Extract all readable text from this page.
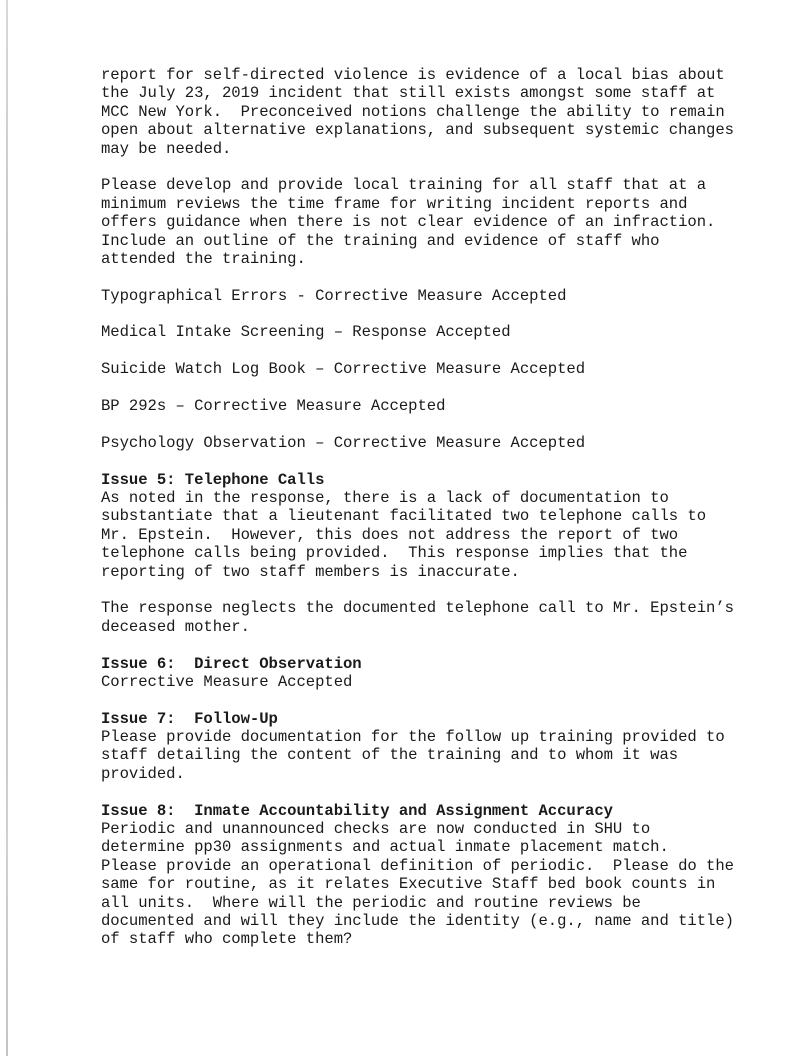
report for self-directed violence is evidence of a local bias about
the July 23, 2019 incident that still exists amongst some staff at
MCC New York.  Preconceived notions challenge the ability to remain
open about alternative explanations, and subsequent systemic changes
may be needed.
Please develop and provide local training for all staff that at a
minimum reviews the time frame for writing incident reports and
offers guidance when there is not clear evidence of an infraction.
Include an outline of the training and evidence of staff who
attended the training.
Typographical Errors - Corrective Measure Accepted
Medical Intake Screening – Response Accepted
Suicide Watch Log Book – Corrective Measure Accepted
BP 292s – Corrective Measure Accepted
Psychology Observation – Corrective Measure Accepted
Issue 5: Telephone Calls
As noted in the response, there is a lack of documentation to
substantiate that a lieutenant facilitated two telephone calls to
Mr. Epstein.  However, this does not address the report of two
telephone calls being provided.  This response implies that the
reporting of two staff members is inaccurate.
The response neglects the documented telephone call to Mr. Epstein’s
deceased mother.
Issue 6:  Direct Observation
Corrective Measure Accepted
Issue 7:  Follow-Up
Please provide documentation for the follow up training provided to
staff detailing the content of the training and to whom it was
provided.
Issue 8:  Inmate Accountability and Assignment Accuracy
Periodic and unannounced checks are now conducted in SHU to
determine pp30 assignments and actual inmate placement match.
Please provide an operational definition of periodic.  Please do the
same for routine, as it relates Executive Staff bed book counts in
all units.  Where will the periodic and routine reviews be
documented and will they include the identity (e.g., name and title)
of staff who complete them?
